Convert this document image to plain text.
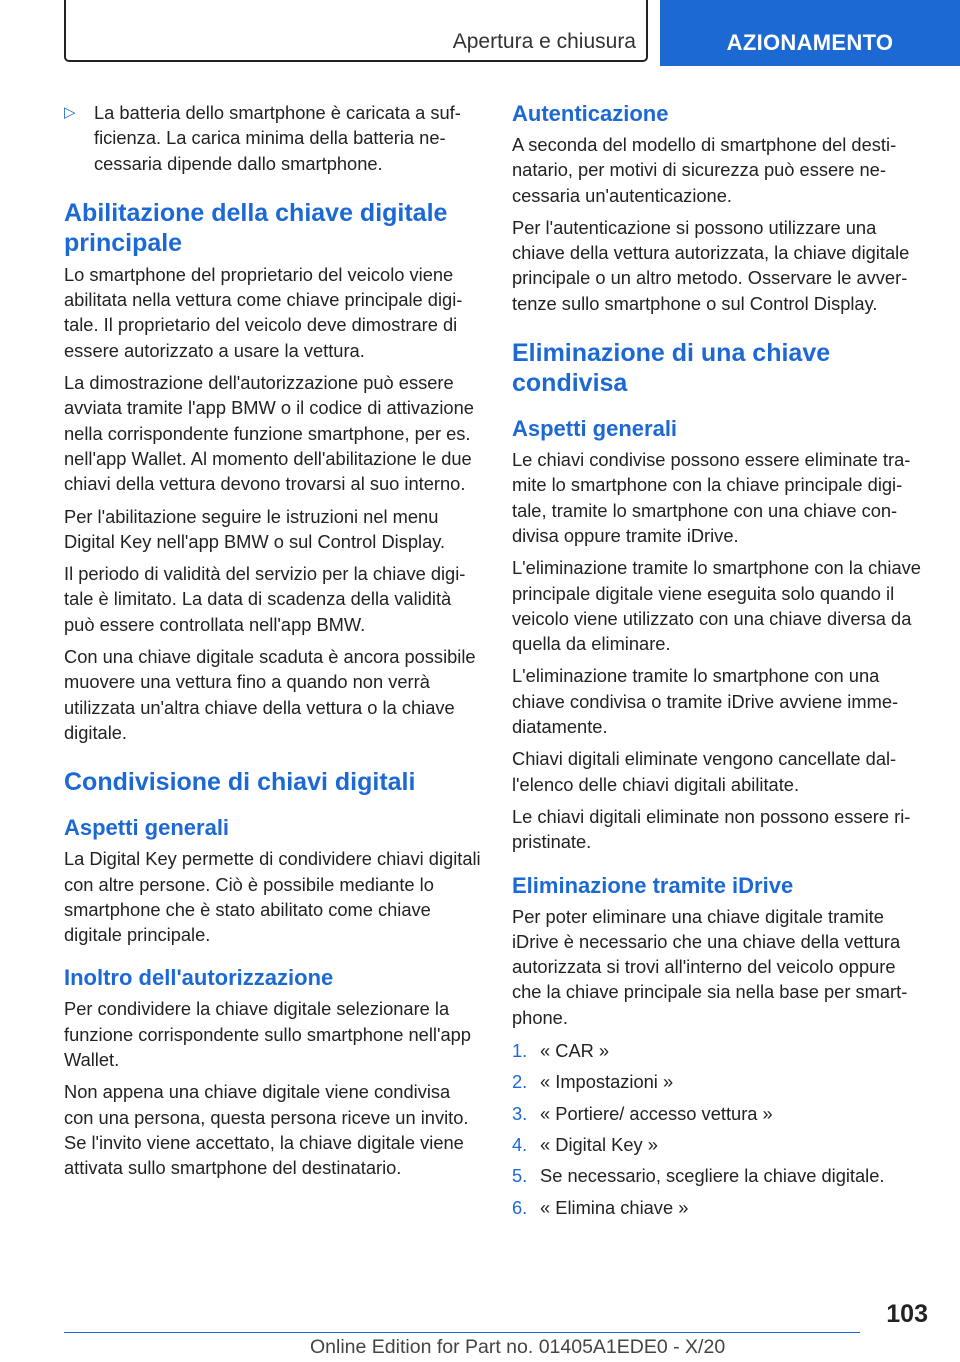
Apertura e chiusura	AZIONAMENTO
▷	La batteria dello smartphone è caricata a sufficienza. La carica minima della batteria necessaria dipende dallo smartphone.

Abilitazione della chiave digitale principale

Lo smartphone del proprietario del veicolo viene abilitata nella vettura come chiave principale digitale. Il proprietario del veicolo deve dimostrare di essere autorizzato a usare la vettura.

La dimostrazione dell'autorizzazione può essere avviata tramite l'app BMW o il codice di attivazione nella corrispondente funzione smartphone, per es. nell'app Wallet. Al momento dell'abilitazione le due chiavi della vettura devono trovarsi al suo interno.

Per l'abilitazione seguire le istruzioni nel menu Digital Key nell'app BMW o sul Control Display.

Il periodo di validità del servizio per la chiave digitale è limitato. La data di scadenza della validità può essere controllata nell'app BMW.

Con una chiave digitale scaduta è ancora possibile muovere una vettura fino a quando non verrà utilizzata un'altra chiave della vettura o la chiave digitale.

Condivisione di chiavi digitali
Aspetti generali

La Digital Key permette di condividere chiavi digitali con altre persone. Ciò è possibile mediante lo smartphone che è stato abilitato come chiave digitale principale.

Inoltro dell'autorizzazione

Per condividere la chiave digitale selezionare la funzione corrispondente sullo smartphone nell'app Wallet.

Non appena una chiave digitale viene condivisa con una persona, questa persona riceve un invito. Se l'invito viene accettato, la chiave digitale viene attivata sullo smartphone del destinatario.

Autenticazione

A seconda del modello di smartphone del destinatario, per motivi di sicurezza può essere necessaria un'autenticazione.

Per l'autenticazione si possono utilizzare una chiave della vettura autorizzata, la chiave digitale principale o un altro metodo. Osservare le avvertenze sullo smartphone o sul Control Display.

Eliminazione di una chiave condivisa
Aspetti generali

Le chiavi condivise possono essere eliminate tramite lo smartphone con la chiave principale digitale, tramite lo smartphone con una chiave condivisa oppure tramite iDrive.

L'eliminazione tramite lo smartphone con la chiave principale digitale viene eseguita solo quando il veicolo viene utilizzato con una chiave diversa da quella da eliminare.

L'eliminazione tramite lo smartphone con una chiave condivisa o tramite iDrive avviene immediatamente.

Chiavi digitali eliminate vengono cancellate dall'elenco delle chiavi digitali abilitate.

Le chiavi digitali eliminate non possono essere ripristinate.

Eliminazione tramite iDrive

Per poter eliminare una chiave digitale tramite iDrive è necessario che una chiave della vettura autorizzata si trovi all'interno del veicolo oppure che la chiave principale sia nella base per smartphone.

1. « CAR »
2. « Impostazioni »
3. « Portiere/ accesso vettura »
4. « Digital Key »
5. Se necessario, scegliere la chiave digitale.
6. « Elimina chiave »
103
Online Edition for Part no. 01405A1EDE0 - X/20
